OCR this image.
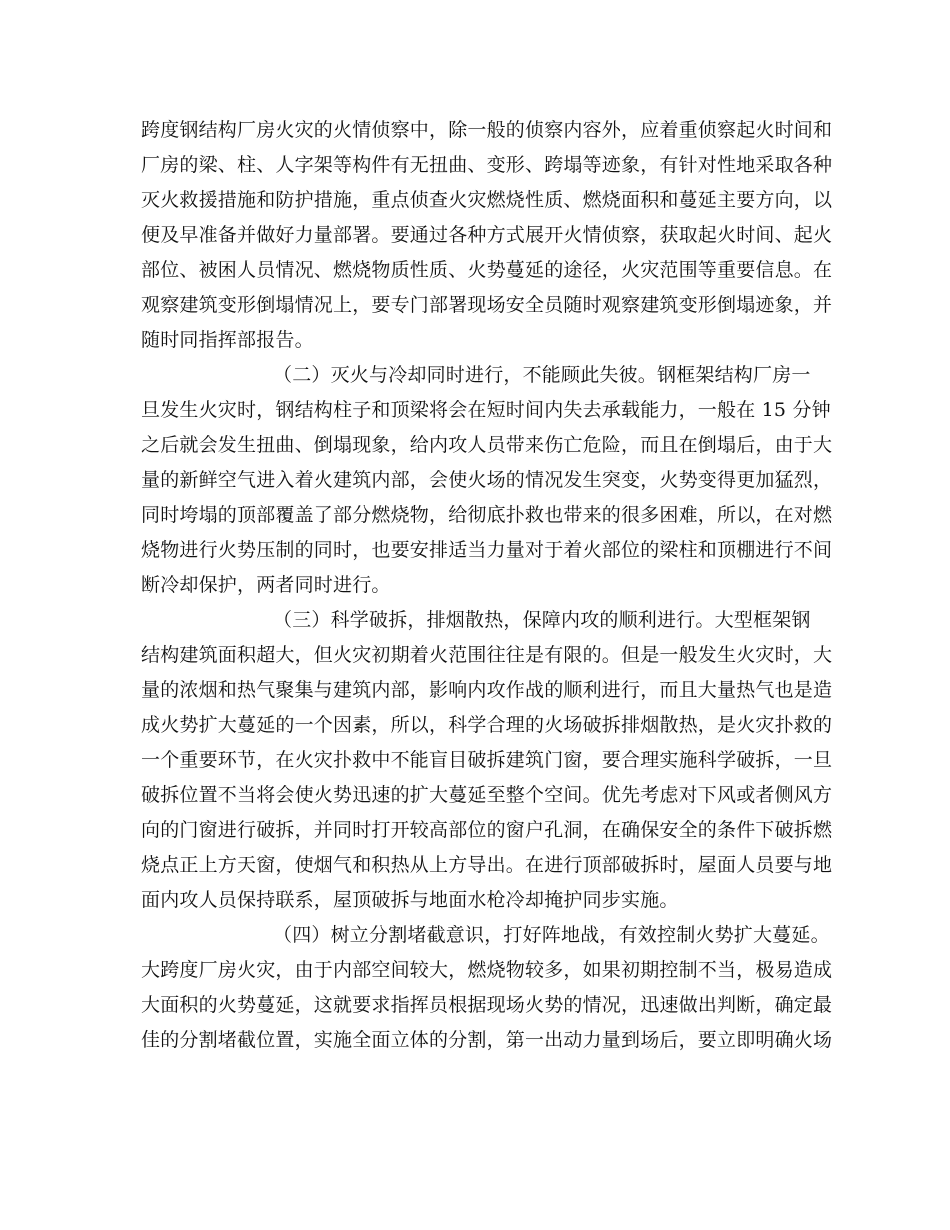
跨度钢结构厂房火灾的火情侦察中，除一般的侦察内容外，应着重侦察起火时间和
厂房的梁、柱、人字架等构件有无扭曲、变形、跨塌等迹象，有针对性地采取各种
灭火救援措施和防护措施，重点侦查火灾燃烧性质、燃烧面积和蔓延主要方向，以
便及早准备并做好力量部署。要通过各种方式展开火情侦察，获取起火时间、起火
部位、被困人员情况、燃烧物质性质、火势蔓延的途径，火灾范围等重要信息。在
观察建筑变形倒塌情况上，要专门部署现场安全员随时观察建筑变形倒塌迹象，并
随时同指挥部报告。
（二）灭火与冷却同时进行，不能顾此失彼。钢框架结构厂房一
旦发生火灾时，钢结构柱子和顶梁将会在短时间内失去承载能力，一般在 15 分钟
之后就会发生扭曲、倒塌现象，给内攻人员带来伤亡危险，而且在倒塌后，由于大
量的新鲜空气进入着火建筑内部，会使火场的情况发生突变，火势变得更加猛烈，
同时垮塌的顶部覆盖了部分燃烧物，给彻底扑救也带来的很多困难，所以，在对燃
烧物进行火势压制的同时，也要安排适当力量对于着火部位的梁柱和顶棚进行不间
断冷却保护，两者同时进行。
（三）科学破拆，排烟散热，保障内攻的顺利进行。大型框架钢
结构建筑面积超大，但火灾初期着火范围往往是有限的。但是一般发生火灾时，大
量的浓烟和热气聚集与建筑内部，影响内攻作战的顺利进行，而且大量热气也是造
成火势扩大蔓延的一个因素，所以，科学合理的火场破拆排烟散热，是火灾扑救的
一个重要环节，在火灾扑救中不能盲目破拆建筑门窗，要合理实施科学破拆，一旦
破拆位置不当将会使火势迅速的扩大蔓延至整个空间。优先考虑对下风或者侧风方
向的门窗进行破拆，并同时打开较高部位的窗户孔洞，在确保安全的条件下破拆燃
烧点正上方天窗，使烟气和积热从上方导出。在进行顶部破拆时，屋面人员要与地
面内攻人员保持联系，屋顶破拆与地面水枪冷却掩护同步实施。
（四）树立分割堵截意识，打好阵地战，有效控制火势扩大蔓延。
大跨度厂房火灾，由于内部空间较大，燃烧物较多，如果初期控制不当，极易造成
大面积的火势蔓延，这就要求指挥员根据现场火势的情况，迅速做出判断，确定最
佳的分割堵截位置，实施全面立体的分割，第一出动力量到场后，要立即明确火场
